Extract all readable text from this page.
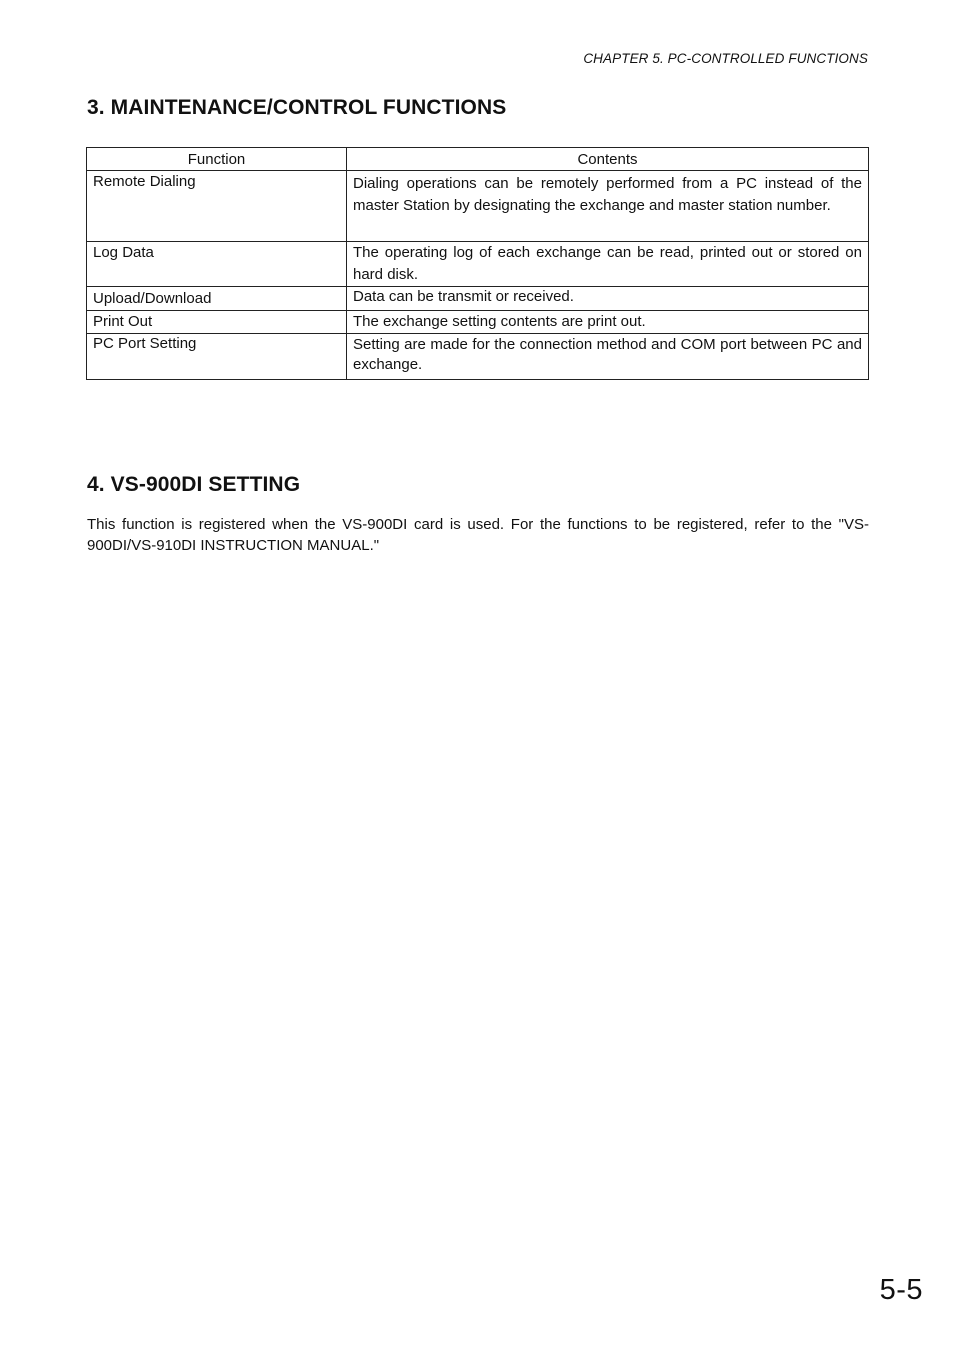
CHAPTER 5. PC-CONTROLLED FUNCTIONS
3. MAINTENANCE/CONTROL FUNCTIONS
Function	Contents
Remote Dialing	Dialing operations can be remotely performed from a PC instead of the master Station by designating the exchange and master station number.
Log Data	The operating log of each exchange can be read, printed out or stored on hard disk.
Upload/Download	Data can be transmit or received.
Print Out	The exchange setting contents are print out.
PC Port Setting	Setting are made for the connection method and COM port between PC and exchange.
4. VS-900DI SETTING

This function is registered when the VS-900DI card is used. For the functions to be registered, refer to the "VS-900DI/VS-910DI INSTRUCTION MANUAL."

5-5
